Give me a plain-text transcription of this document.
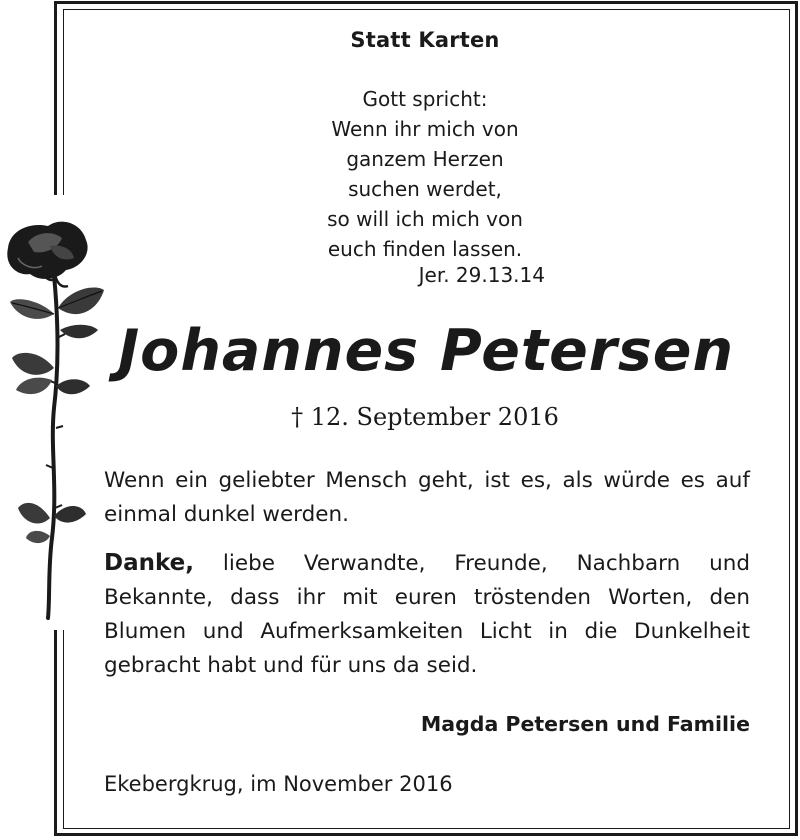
Statt Karten

Gott spricht:
Wenn ihr mich von
ganzem Herzen
suchen werdet,
so will ich mich von
euch finden lassen.

Jer. 29.13.14

Johannes Petersen

† 12. September 2016

Wenn ein geliebter Mensch geht, ist es, als würde es auf einmal dunkel werden.

Danke, liebe Verwandte, Freunde, Nachbarn und Bekannte, dass ihr mit euren tröstenden Worten, den Blumen und Aufmerksamkeiten Licht in die Dunkelheit gebracht habt und für uns da seid.

Magda Petersen und Familie

Ekebergkrug, im November 2016
